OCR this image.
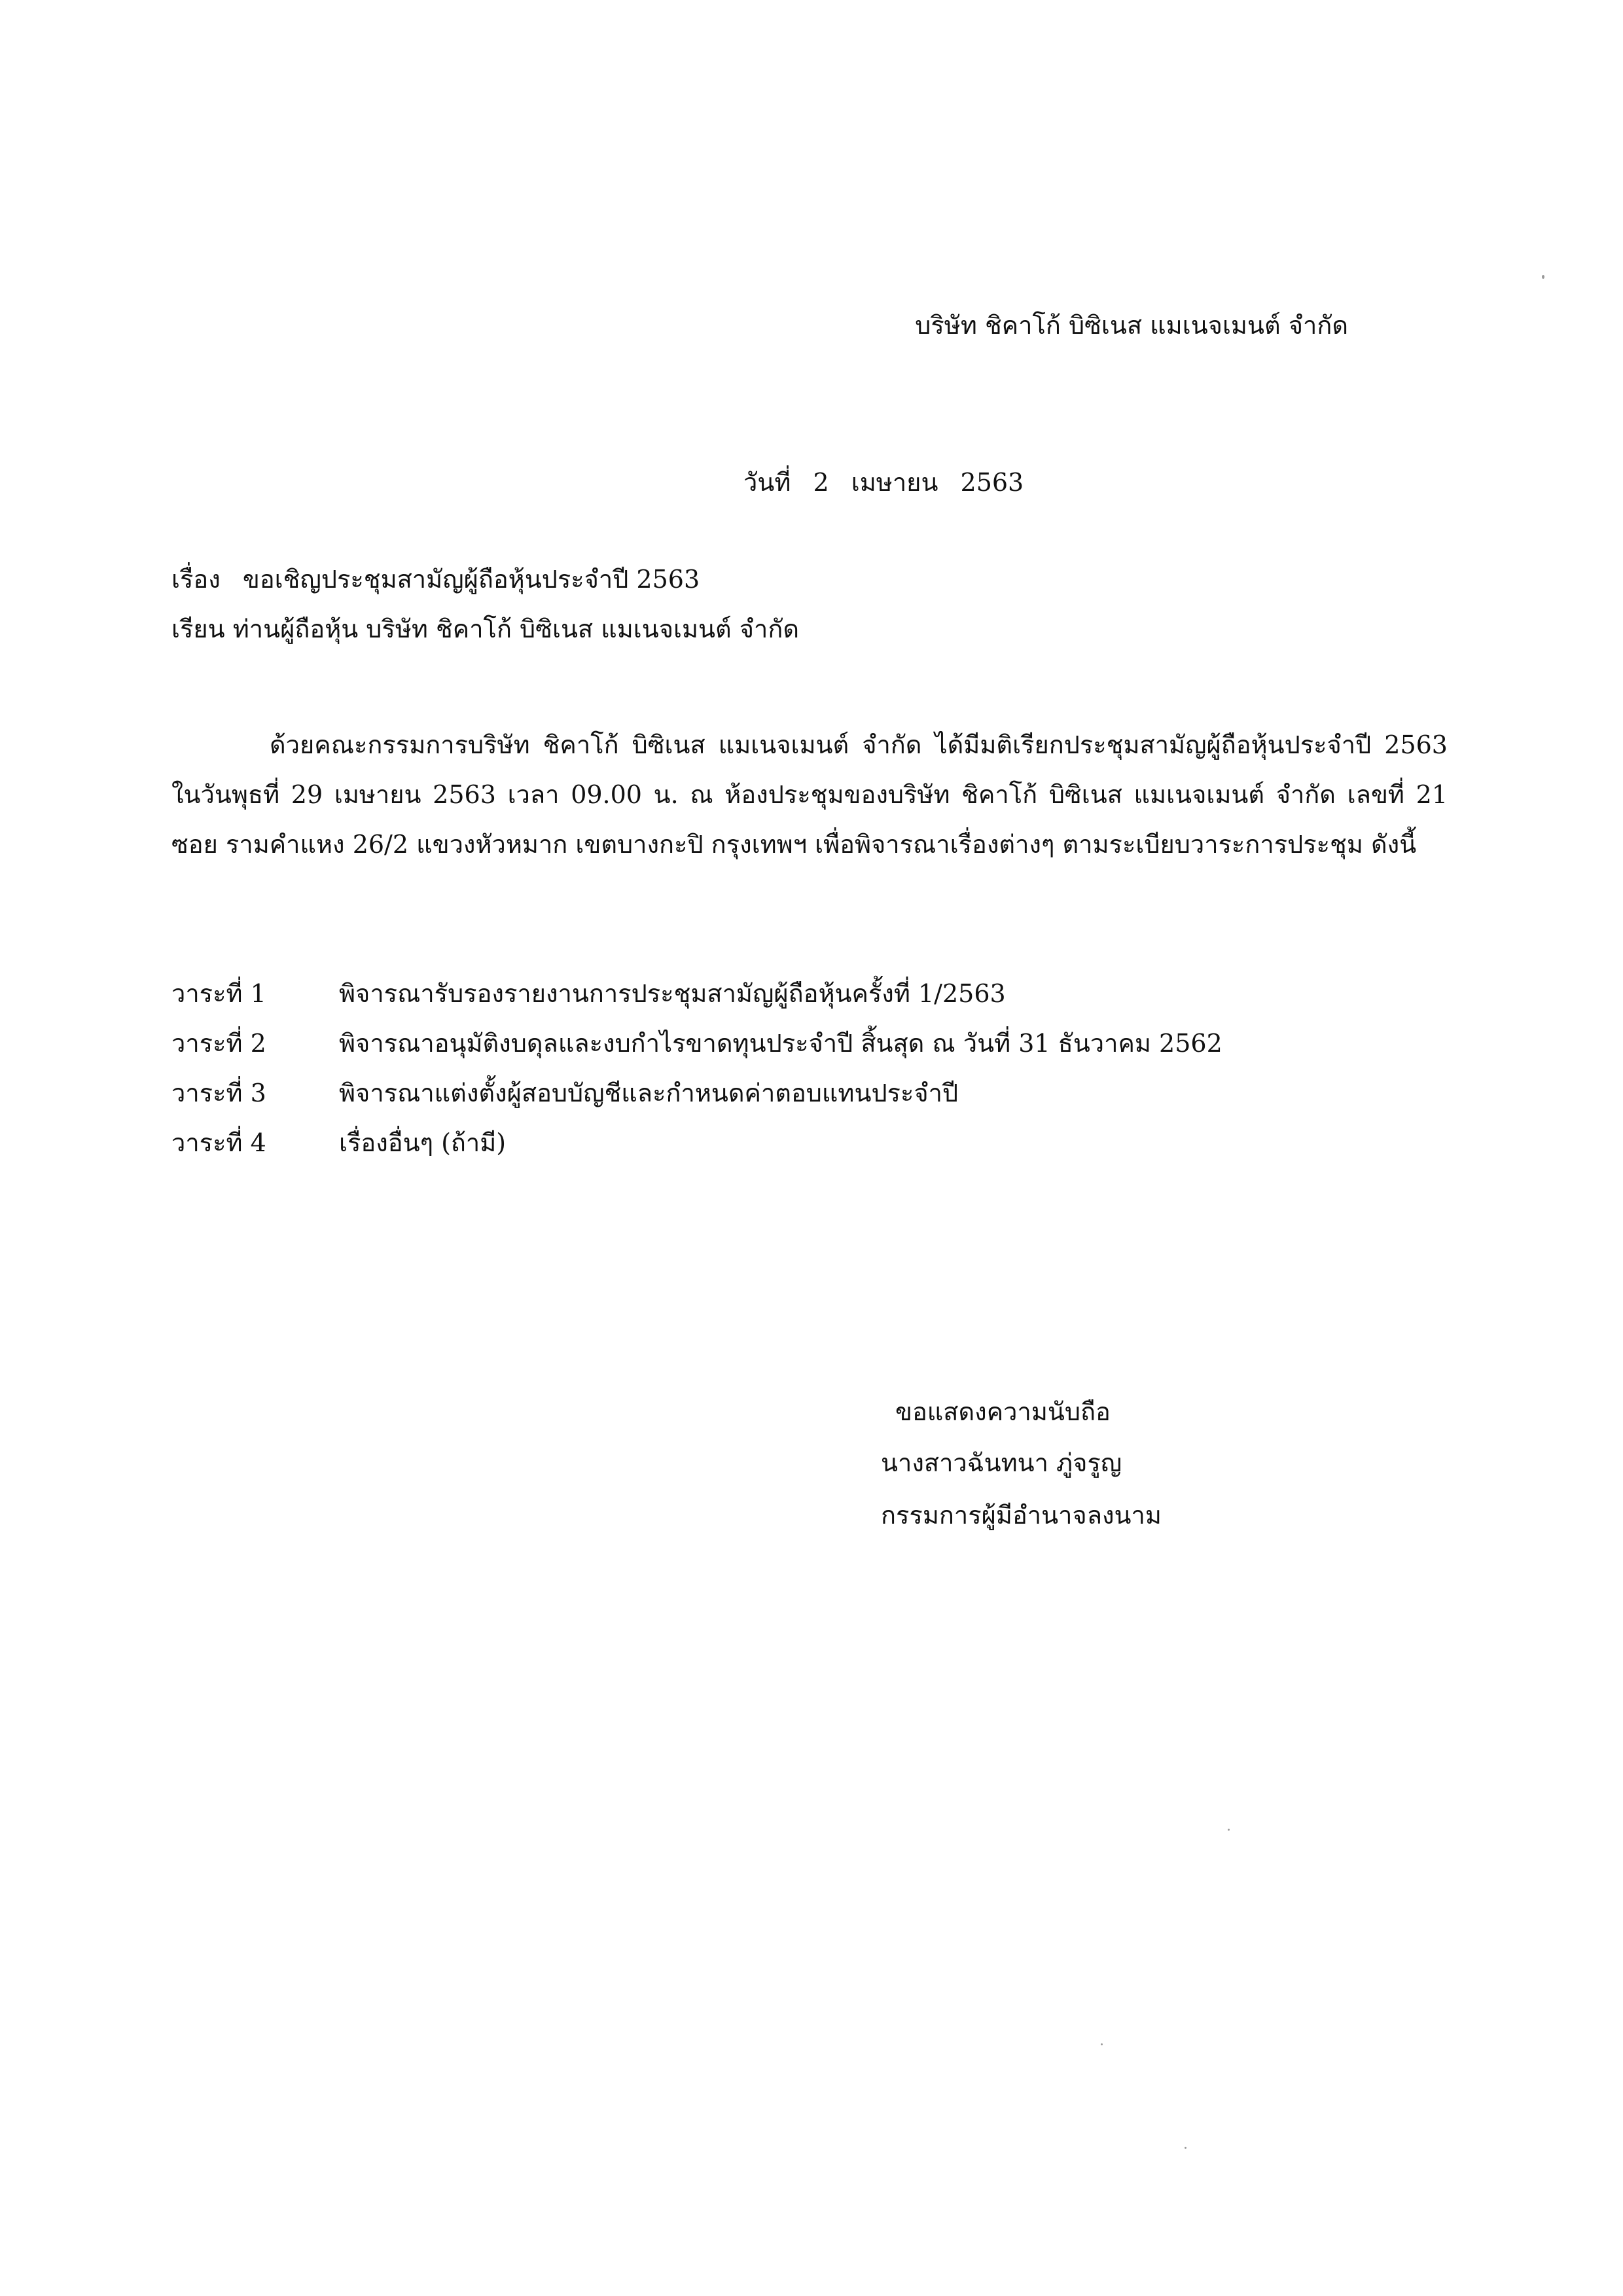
บริษัท ชิคาโก้ บิซิเนส แมเนจเมนต์ จำกัด
วันที่ 2 เมษายน 2563
เรื่อง ขอเชิญประชุมสามัญผู้ถือหุ้นประจำปี 2563
เรียน ท่านผู้ถือหุ้น บริษัท ชิคาโก้ บิซิเนส แมเนจเมนต์ จำกัด
ด้วยคณะกรรมการบริษัท ชิคาโก้ บิซิเนส แมเนจเมนต์ จำกัด ได้มีมติเรียกประชุมสามัญผู้ถือหุ้นประจำปี 2563 ในวันพุธที่ 29 เมษายน 2563 เวลา 09.00 น. ณ ห้องประชุมของบริษัท ชิคาโก้ บิซิเนส แมเนจเมนต์ จำกัด เลขที่ 21 ซอย รามคำแหง 26/2 แขวงหัวหมาก เขตบางกะปิ กรุงเทพฯ เพื่อพิจารณาเรื่องต่างๆ ตามระเบียบวาระการประชุม ดังนี้
วาระที่ 1	พิจารณารับรองรายงานการประชุมสามัญผู้ถือหุ้นครั้งที่ 1/2563
วาระที่ 2	พิจารณาอนุมัติงบดุลและงบกำไรขาดทุนประจำปี สิ้นสุด ณ วันที่ 31 ธันวาคม 2562
วาระที่ 3	พิจารณาแต่งตั้งผู้สอบบัญชีและกำหนดค่าตอบแทนประจำปี
วาระที่ 4	เรื่องอื่นๆ (ถ้ามี)
ขอแสดงความนับถือ
นางสาวฉันทนา ภู่จรูญ
กรรมการผู้มีอำนาจลงนาม
